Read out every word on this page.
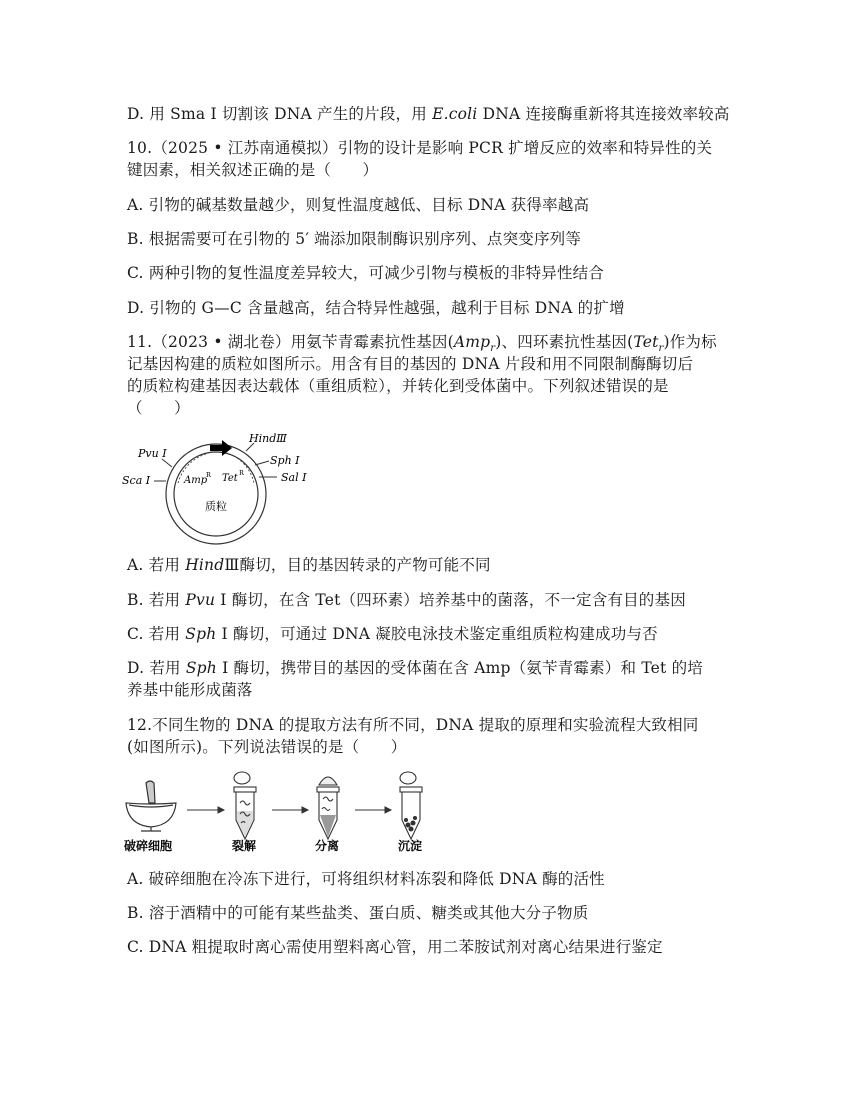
D. 用 Sma Ⅰ 切割该 DNA 产生的片段，用 E.coli DNA 连接酶重新将其连接效率较高
10.（2025 • 江苏南通模拟）引物的设计是影响 PCR 扩增反应的效率和特异性的关
键因素，相关叙述正确的是（　　）
A. 引物的碱基数量越少，则复性温度越低、目标 DNA 获得率越高
B. 根据需要可在引物的 5′ 端添加限制酶识别序列、点突变序列等
C. 两种引物的复性温度差异较大，可减少引物与模板的非特异性结合
D. 引物的 G—C 含量越高，结合特异性越强，越利于目标 DNA 的扩增
11.（2023 • 湖北卷）用氨苄青霉素抗性基因(Amp$_r$)、四环素抗性基因(Tet$_r$)作为标
记基因构建的质粒如图所示。用含有目的基因的 DNA 片段和用不同限制酶酶切后
的质粒构建基因表达载体（重组质粒），并转化到受体菌中。下列叙述错误的是
（　　）
Pvu Ⅰ
Sca Ⅰ
HindⅢ
Sph Ⅰ
Sal Ⅰ
Amp
R Tet R
质粒
A. 若用 HindⅢ酶切，目的基因转录的产物可能不同
B. 若用 Pvu Ⅰ 酶切，在含 Tet（四环素）培养基中的菌落，不一定含有目的基因
C. 若用 Sph Ⅰ 酶切，可通过 DNA 凝胶电泳技术鉴定重组质粒构建成功与否
D. 若用 Sph Ⅰ 酶切，携带目的基因的受体菌在含 Amp（氨苄青霉素）和 Tet 的培
养基中能形成菌落
12.不同生物的 DNA 的提取方法有所不同，DNA 提取的原理和实验流程大致相同
(如图所示)。下列说法错误的是（　　）
破碎细胞	裂解	分离	沉淀
A. 破碎细胞在冷冻下进行，可将组织材料冻裂和降低 DNA 酶的活性
B. 溶于酒精中的可能有某些盐类、蛋白质、糖类或其他大分子物质
C. DNA 粗提取时离心需使用塑料离心管，用二苯胺试剂对离心结果进行鉴定
